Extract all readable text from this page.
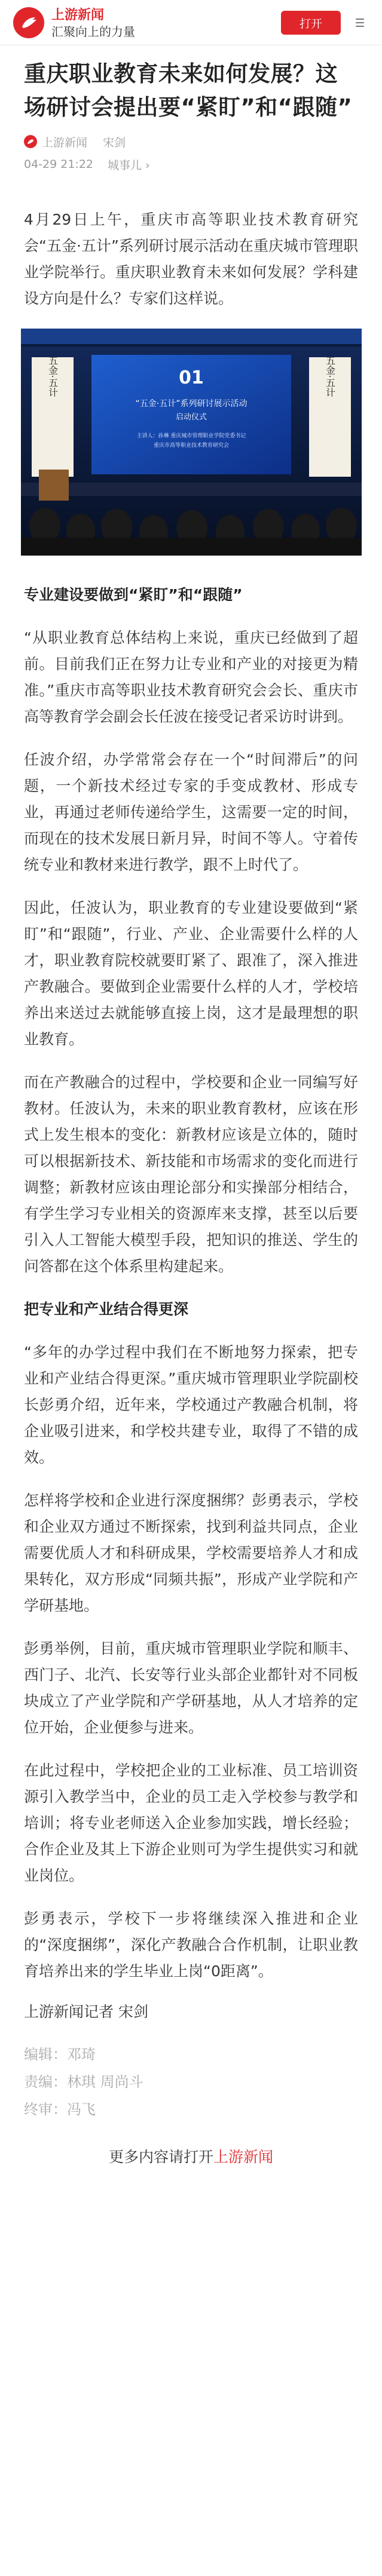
上游新闻
汇聚向上的力量
打开
重庆职业教育未来如何发展？这场研讨会提出要“紧盯”和“跟随”
上游新闻 宋剑
04-29 21:22 城事儿 ›

4月29日上午，重庆市高等职业技术教育研究会“五金·五计”系列研讨展示活动在重庆城市管理职业学院举行。重庆职业教育未来如何发展？学科建设方向是什么？专家们这样说。

五金·五计	五金·五计
01
“五金·五计”系列研讨展示活动
启动仪式
主讲人：孙琳 重庆城市管理职业学院党委书记
重庆市高等职业技术教育研究会

专业建设要做到“紧盯”和“跟随”

“从职业教育总体结构上来说，重庆已经做到了超前。目前我们正在努力让专业和产业的对接更为精准。”重庆市高等职业技术教育研究会会长、重庆市高等教育学会副会长任波在接受记者采访时讲到。

任波介绍，办学常常会存在一个“时间滞后”的问题，一个新技术经过专家的手变成教材、形成专业，再通过老师传递给学生，这需要一定的时间，而现在的技术发展日新月异，时间不等人。守着传统专业和教材来进行教学，跟不上时代了。

因此，任波认为，职业教育的专业建设要做到“紧盯”和“跟随”，行业、产业、企业需要什么样的人才，职业教育院校就要盯紧了、跟准了，深入推进产教融合。要做到企业需要什么样的人才，学校培养出来送过去就能够直接上岗，这才是最理想的职业教育。

而在产教融合的过程中，学校要和企业一同编写好教材。任波认为，未来的职业教育教材，应该在形式上发生根本的变化：新教材应该是立体的，随时可以根据新技术、新技能和市场需求的变化而进行调整；新教材应该由理论部分和实操部分相结合，有学生学习专业相关的资源库来支撑，甚至以后要引入人工智能大模型手段，把知识的推送、学生的问答都在这个体系里构建起来。

把专业和产业结合得更深

“多年的办学过程中我们在不断地努力探索，把专业和产业结合得更深。”重庆城市管理职业学院副校长彭勇介绍，近年来，学校通过产教融合机制，将企业吸引进来，和学校共建专业，取得了不错的成效。

怎样将学校和企业进行深度捆绑？彭勇表示，学校和企业双方通过不断探索，找到利益共同点，企业需要优质人才和科研成果，学校需要培养人才和成果转化，双方形成“同频共振”，形成产业学院和产学研基地。

彭勇举例，目前，重庆城市管理职业学院和顺丰、西门子、北汽、长安等行业头部企业都针对不同板块成立了产业学院和产学研基地，从人才培养的定位开始，企业便参与进来。

在此过程中，学校把企业的工业标准、员工培训资源引入教学当中，企业的员工走入学校参与教学和培训；将专业老师送入企业参加实践，增长经验；合作企业及其上下游企业则可为学生提供实习和就业岗位。

彭勇表示，学校下一步将继续深入推进和企业的“深度捆绑”，深化产教融合合作机制，让职业教育培养出来的学生毕业上岗“0距离”。

上游新闻记者 宋剑

编辑：邓琦
责编：林琪 周尚斗
终审：冯飞
更多内容请打开 上游新闻
